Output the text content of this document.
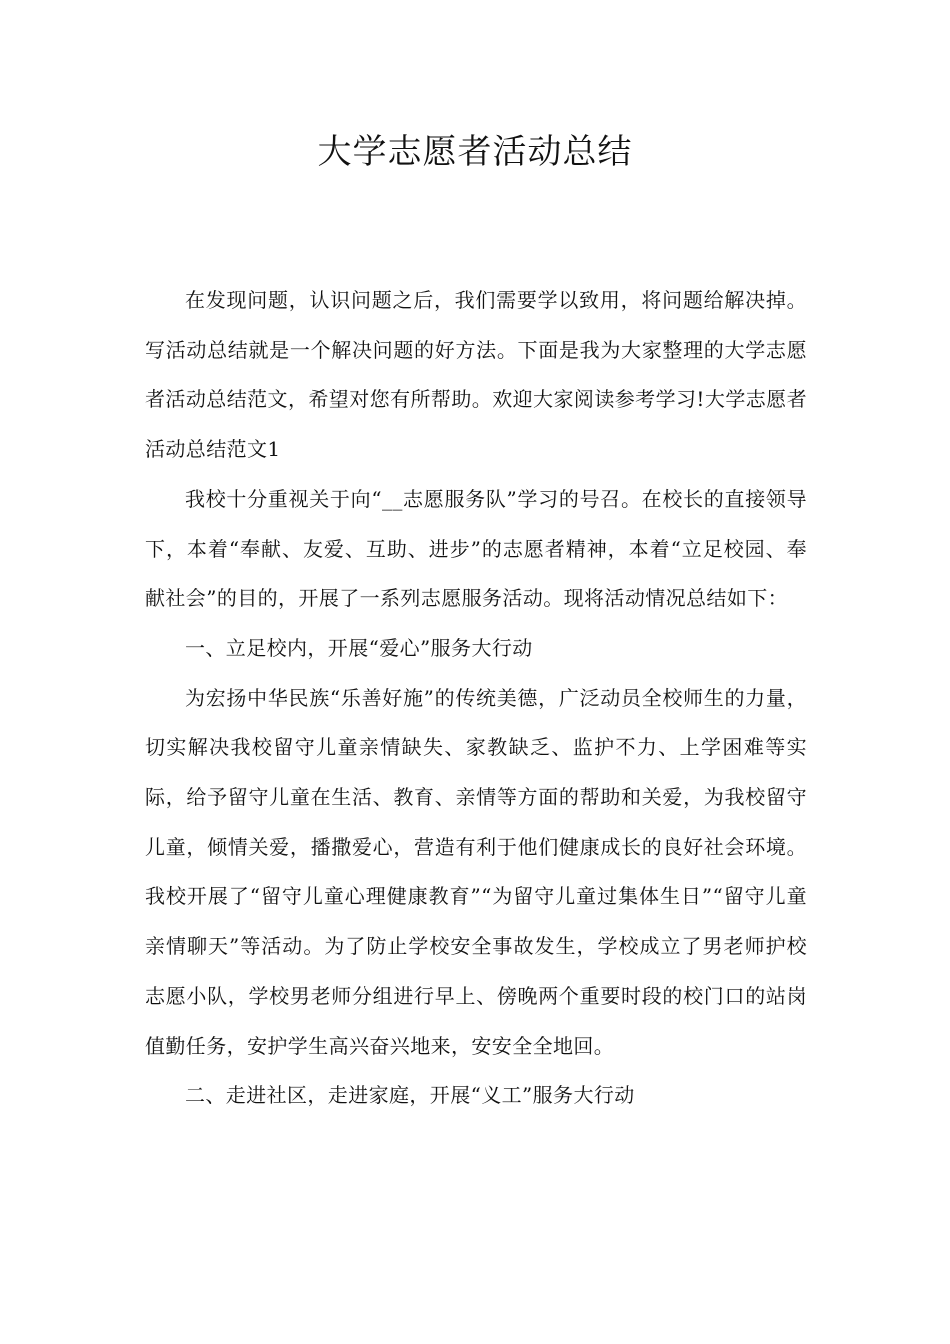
大学志愿者活动总结

在发现问题，认识问题之后，我们需要学以致用，将问题给解决掉。写活动总结就是一个解决问题的好方法。下面是我为大家整理的大学志愿者活动总结范文，希望对您有所帮助。欢迎大家阅读参考学习!大学志愿者活动总结范文1

我校十分重视关于向“__志愿服务队”学习的号召。在校长的直接领导下，本着“奉献、友爱、互助、进步”的志愿者精神，本着“立足校园、奉献社会”的目的，开展了一系列志愿服务活动。现将活动情况总结如下：

一、立足校内，开展“爱心”服务大行动

为宏扬中华民族“乐善好施”的传统美德，广泛动员全校师生的力量，切实解决我校留守儿童亲情缺失、家教缺乏、监护不力、上学困难等实际，给予留守儿童在生活、教育、亲情等方面的帮助和关爱，为我校留守儿童，倾情关爱，播撒爱心，营造有利于他们健康成长的良好社会环境。我校开展了“留守儿童心理健康教育”“为留守儿童过集体生日”“留守儿童亲情聊天”等活动。为了防止学校安全事故发生，学校成立了男老师护校志愿小队，学校男老师分组进行早上、傍晚两个重要时段的校门口的站岗值勤任务，安护学生高兴奋兴地来，安安全全地回。

二、走进社区，走进家庭，开展“义工”服务大行动
